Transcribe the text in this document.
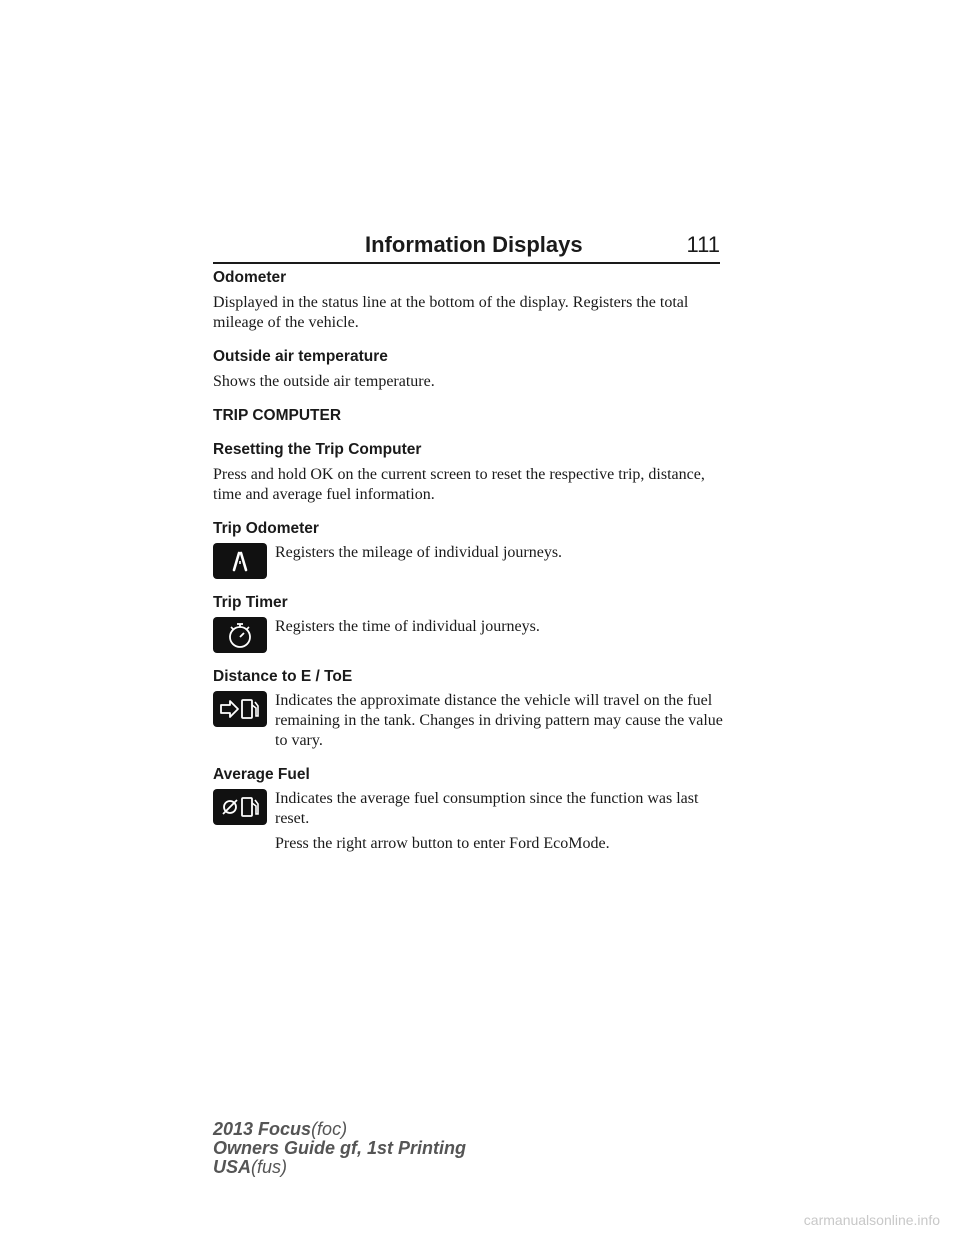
Information Displays	111

Odometer

Displayed in the status line at the bottom of the display. Registers the total mileage of the vehicle.

Outside air temperature

Shows the outside air temperature.

TRIP COMPUTER

Resetting the Trip Computer

Press and hold OK on the current screen to reset the respective trip, distance, time and average fuel information.

Trip Odometer

Registers the mileage of individual journeys.

Trip Timer

Registers the time of individual journeys.

Distance to E / ToE

Indicates the approximate distance the vehicle will travel on the fuel remaining in the tank. Changes in driving pattern may cause the value to vary.

Average Fuel

Indicates the average fuel consumption since the function was last reset.

Press the right arrow button to enter Ford EcoMode.

2013 Focus(foc)
Owners Guide gf, 1st Printing
USA(fus)
carmanualsonline.info
